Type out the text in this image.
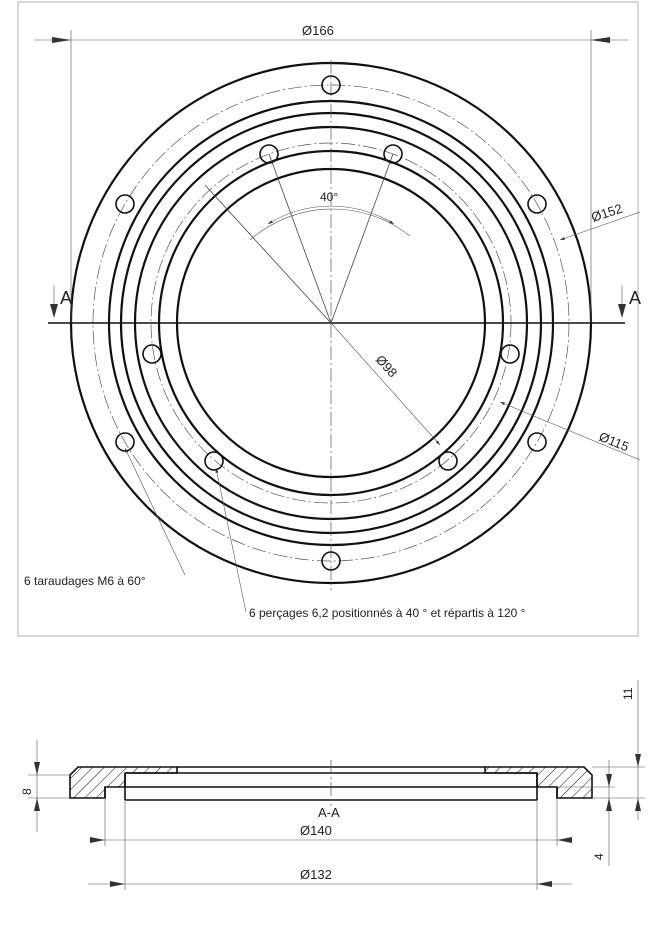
40°
Ø98
Ø166
Ø152
Ø115
A	A
6 taraudages M6 à 60°
6 perçages 6,2 positionnés à 40 ° et répartis à 120 °
A-A
Ø140
Ø132
8
11
4
